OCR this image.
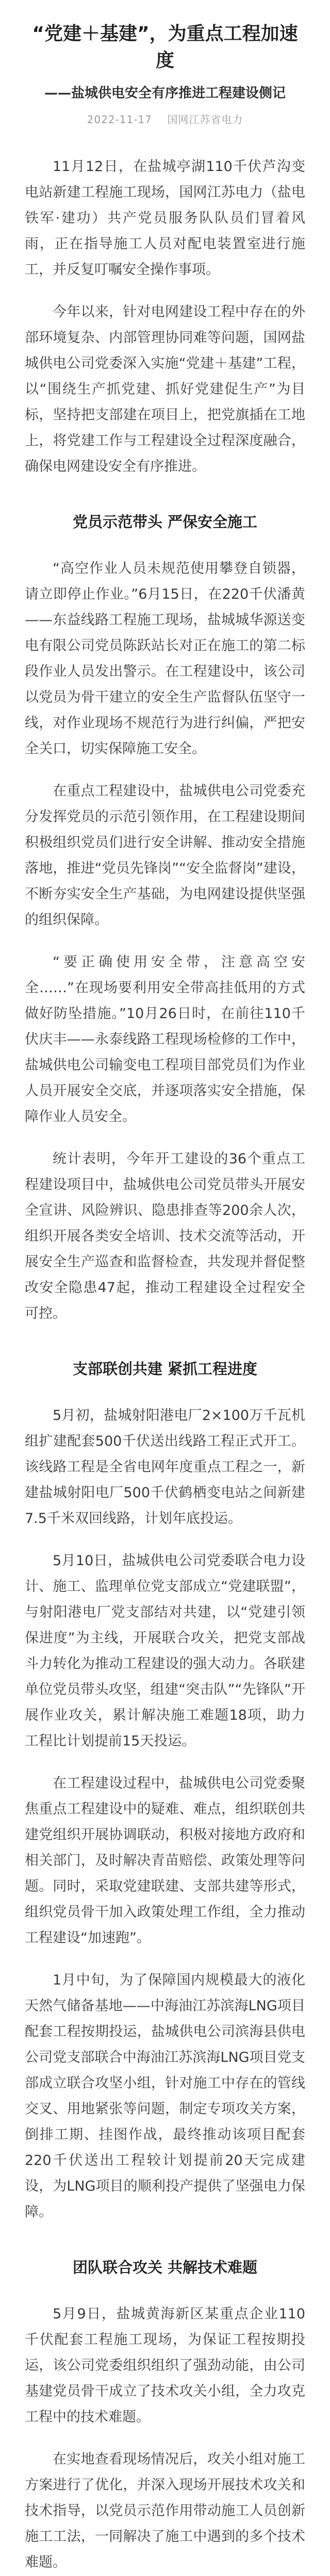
“党建＋基建”，为重点工程加速度
——盐城供电安全有序推进工程建设侧记
2022-11-17 国网江苏省电力

11月12日，在盐城亭湖110千伏芦沟变电站新建工程施工现场，国网江苏电力（盐电铁军·建功）共产党员服务队队员们冒着风雨，正在指导施工人员对配电装置室进行施工，并反复叮嘱安全操作事项。

今年以来，针对电网建设工程中存在的外部环境复杂、内部管理协同难等问题，国网盐城供电公司党委深入实施“党建＋基建”工程，以“围绕生产抓党建、抓好党建促生产”为目标，坚持把支部建在项目上，把党旗插在工地上，将党建工作与工程建设全过程深度融合，确保电网建设安全有序推进。

党员示范带头 严保安全施工

“高空作业人员未规范使用攀登自锁器，请立即停止作业。”6月15日，在220千伏潘黄——东益线路工程施工现场，盐城城华源送变电有限公司党员陈跃站长对正在施工的第二标段作业人员发出警示。在工程建设中，该公司以党员为骨干建立的安全生产监督队伍坚守一线，对作业现场不规范行为进行纠偏，严把安全关口，切实保障施工安全。

在重点工程建设中，盐城供电公司党委充分发挥党员的示范引领作用，在工程建设期间积极组织党员们进行安全讲解、推动安全措施落地，推进“党员先锋岗”“安全监督岗”建设，不断夯实安全生产基础，为电网建设提供坚强的组织保障。

“要正确使用安全带，注意高空安全……”在现场要利用安全带高挂低用的方式做好防坠措施。”10月26日时，在前往110千伏庆丰——永泰线路工程现场检修的工作中，盐城供电公司输变电工程项目部党员们为作业人员开展安全交底，并逐项落实安全措施，保障作业人员安全。

统计表明，今年开工建设的36个重点工程建设项目中，盐城供电公司党员带头开展安全宣讲、风险辨识、隐患排查等200余人次，组织开展各类安全培训、技术交流等活动，开展安全生产巡查和监督检查，共发现并督促整改安全隐患47起，推动工程建设全过程安全可控。

支部联创共建 紧抓工程进度

5月初，盐城射阳港电厂2×100万千瓦机组扩建配套500千伏送出线路工程正式开工。该线路工程是全省电网年度重点工程之一，新建盐城射阳电厂500千伏鹤栖变电站之间新建7.5千米双回线路，计划年底投运。

5月10日，盐城供电公司党委联合电力设计、施工、监理单位党支部成立“党建联盟”，与射阳港电厂党支部结对共建，以“党建引领保进度”为主线，开展联合攻关，把党支部战斗力转化为推动工程建设的强大动力。各联建单位党员带头攻坚，组建“突击队”“先锋队”开展作业攻关，累计解决施工难题18项，助力工程比计划提前15天投运。

在工程建设过程中，盐城供电公司党委聚焦重点工程建设中的疑难、难点，组织联创共建党组织开展协调联动，积极对接地方政府和相关部门，及时解决青苗赔偿、政策处理等问题。同时，采取党建联建、支部共建等形式，组织党员骨干加入政策处理工作组，全力推动工程建设“加速跑”。

1月中旬，为了保障国内规模最大的液化天然气储备基地——中海油江苏滨海LNG项目配套工程按期投运，盐城供电公司滨海县供电公司党支部联合中海油江苏滨海LNG项目党支部成立联合攻坚小组，针对施工中存在的管线交叉、用地紧张等问题，制定专项攻关方案，倒排工期、挂图作战，最终推动该项目配套220千伏送出工程较计划提前20天完成建设，为LNG项目的顺利投产提供了坚强电力保障。

团队联合攻关 共解技术难题

5月9日，盐城黄海新区某重点企业110千伏配套工程施工现场，为保证工程按期投运，该公司党委组织组织了强劲动能，由公司基建党员骨干成立了技术攻关小组，全力攻克工程中的技术难题。

在实地查看现场情况后，攻关小组对施工方案进行了优化，并深入现场开展技术攻关和技术指导，以党员示范作用带动施工人员创新施工工法，一同解决了施工中遇到的多个技术难题。
